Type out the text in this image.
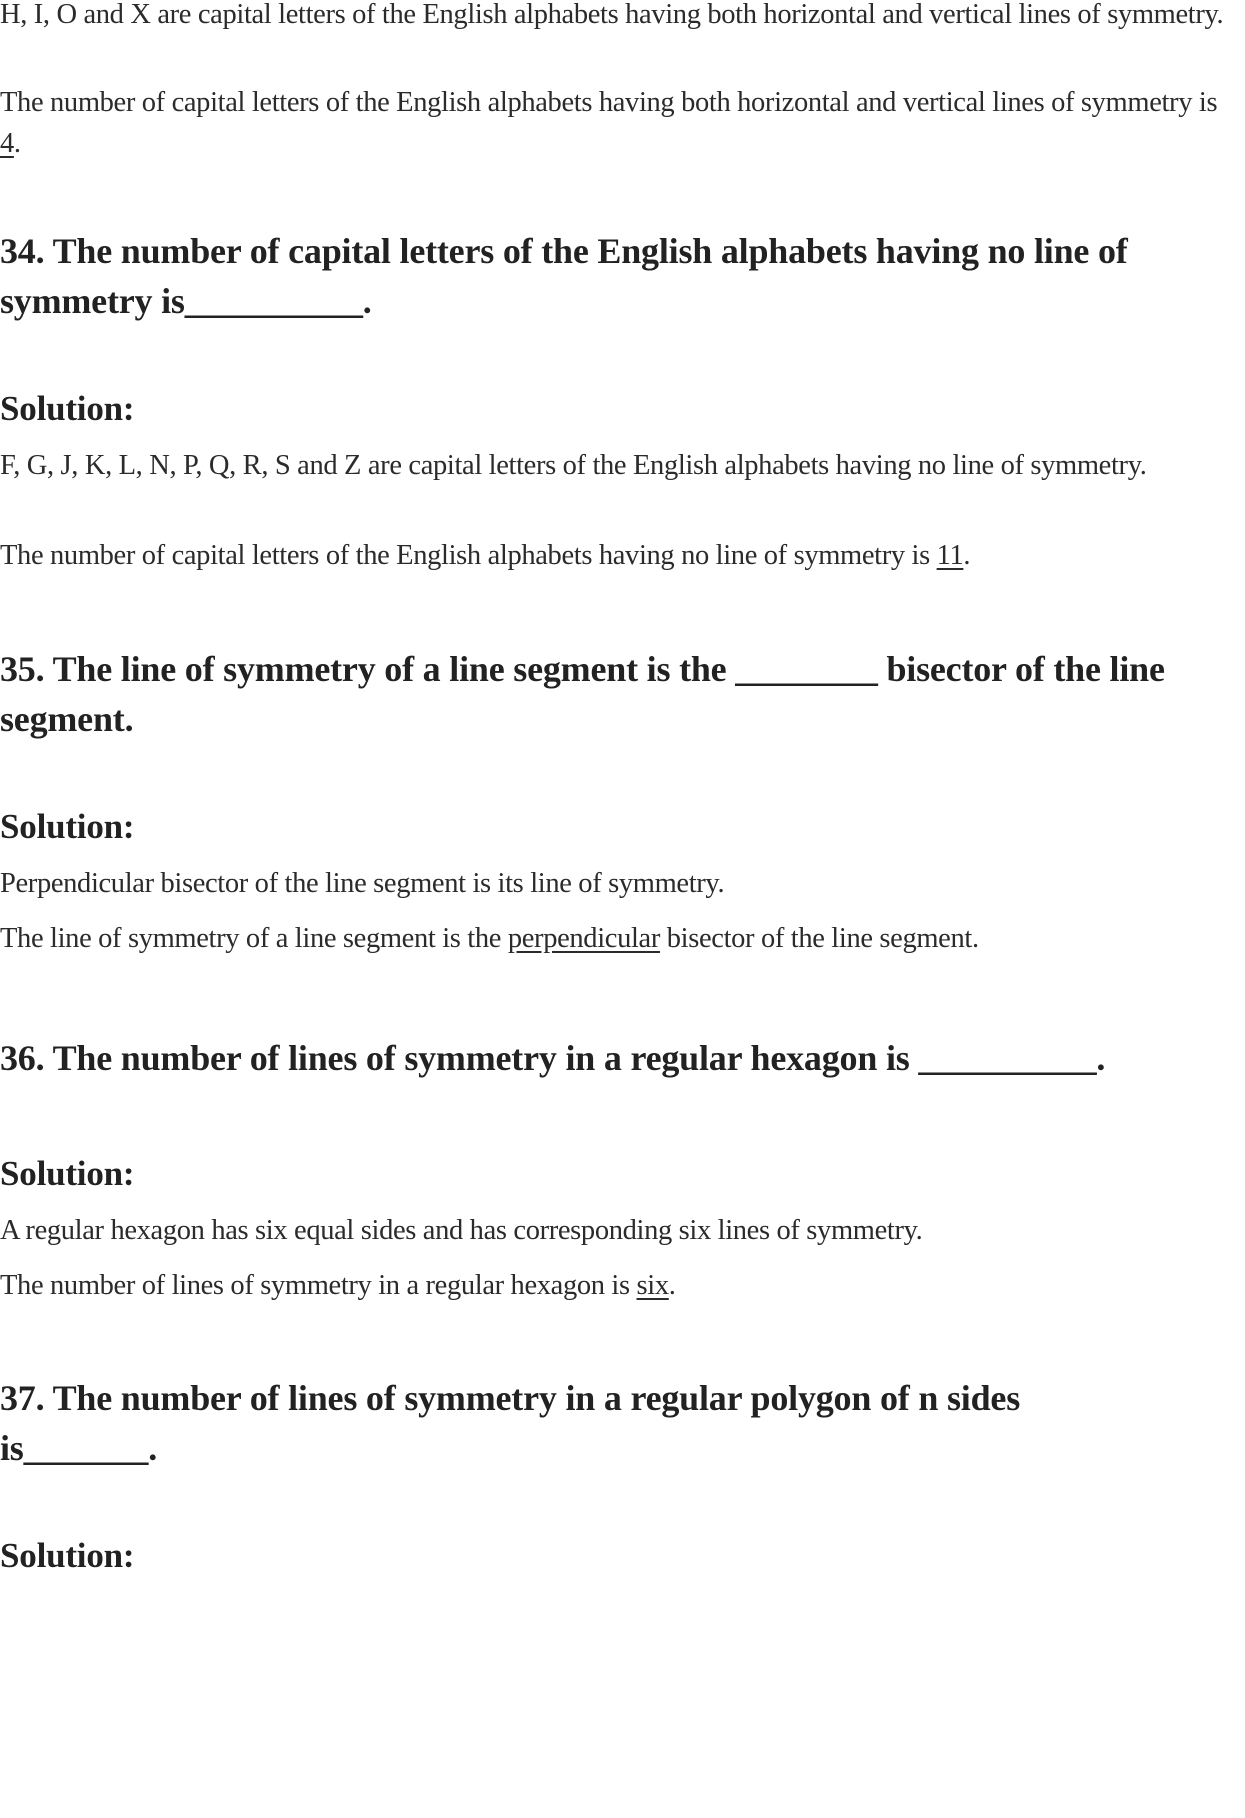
H, I, O and X are capital letters of the English alphabets having both horizontal and vertical lines of symmetry.

The number of capital letters of the English alphabets having both horizontal and vertical lines of symmetry is 4.

34. The number of capital letters of the English alphabets having no line of symmetry is__________.
Solution:

F, G, J, K, L, N, P, Q, R, S and Z are capital letters of the English alphabets having no line of symmetry.

The number of capital letters of the English alphabets having no line of symmetry is 11.

35. The line of symmetry of a line segment is the ________ bisector of the line segment.
Solution:

Perpendicular bisector of the line segment is its line of symmetry.

The line of symmetry of a line segment is the perpendicular bisector of the line segment.

36. The number of lines of symmetry in a regular hexagon is __________.
Solution:

A regular hexagon has six equal sides and has corresponding six lines of symmetry.

The number of lines of symmetry in a regular hexagon is six.

37. The number of lines of symmetry in a regular polygon of n sides is_______.
Solution:
